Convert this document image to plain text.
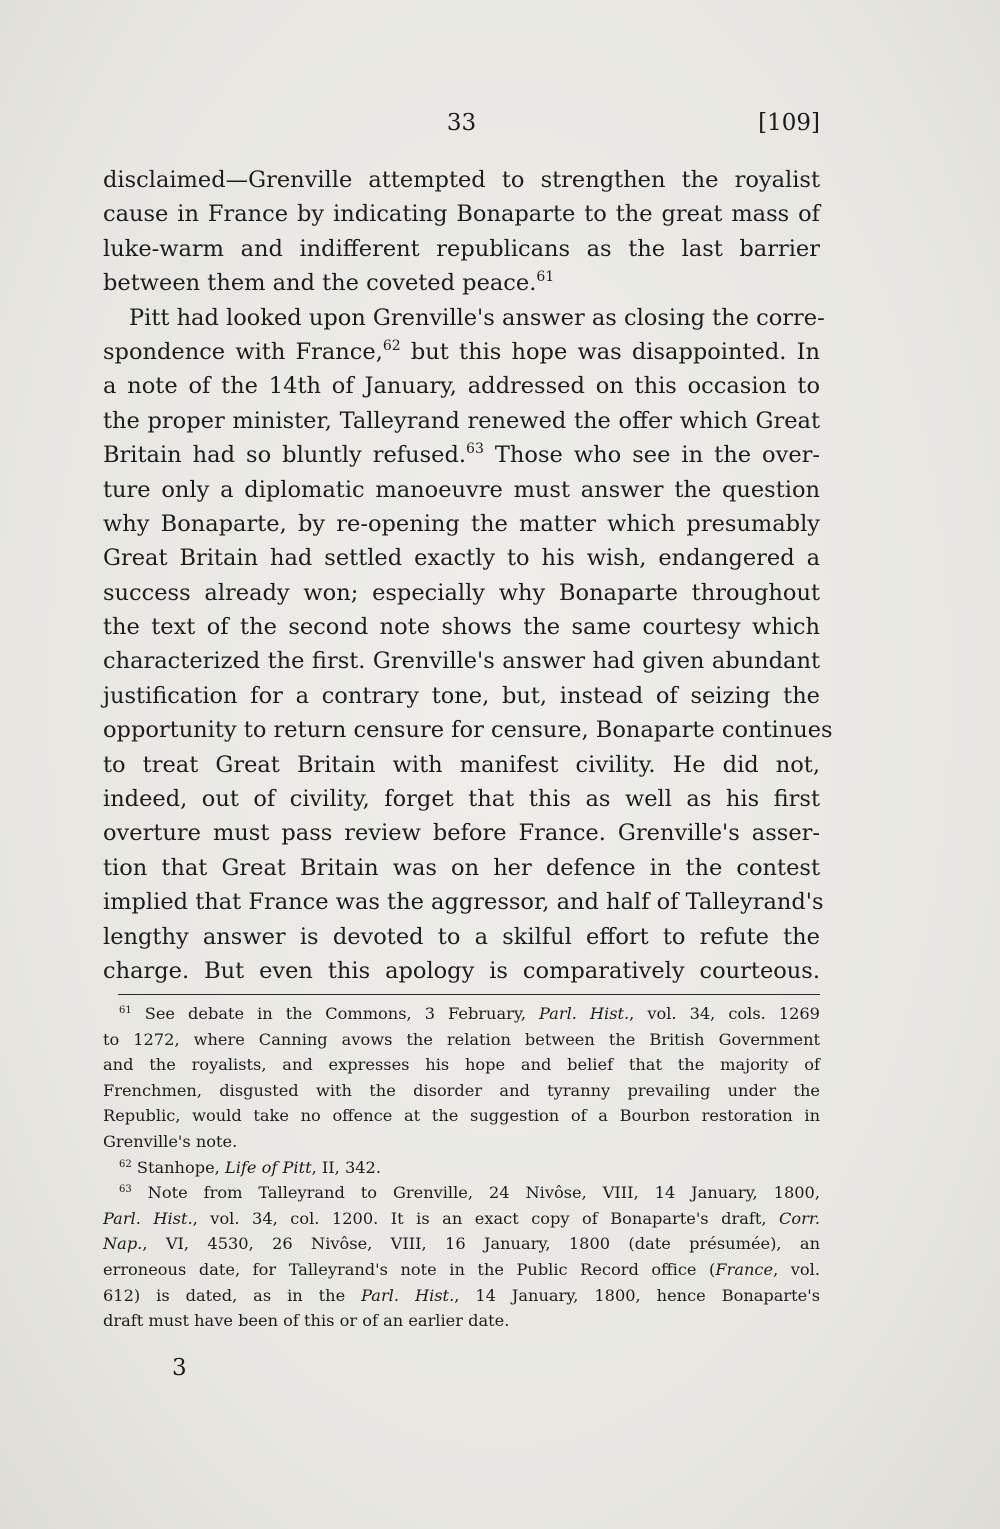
33	[109]
disclaimed—Grenville attempted to strengthen the royalist
cause in France by indicating Bonaparte to the great mass of
luke-warm and indifferent republicans as the last barrier
between them and the coveted peace.$^{61}$
Pitt had looked upon Grenville's answer as closing the corre-
spondence with France,$^{62}$ but this hope was disappointed. In
a note of the 14th of January, addressed on this occasion to
the proper minister, Talleyrand renewed the offer which Great
Britain had so bluntly refused.$^{63}$ Those who see in the over-
ture only a diplomatic manoeuvre must answer the question
why Bonaparte, by re-opening the matter which presumably
Great Britain had settled exactly to his wish, endangered a
success already won; especially why Bonaparte throughout
the text of the second note shows the same courtesy which
characterized the first. Grenville's answer had given abundant
justification for a contrary tone, but, instead of seizing the
opportunity to return censure for censure, Bonaparte continues
to treat Great Britain with manifest civility. He did not,
indeed, out of civility, forget that this as well as his first
overture must pass review before France. Grenville's asser-
tion that Great Britain was on her defence in the contest
implied that France was the aggressor, and half of Talleyrand's
lengthy answer is devoted to a skilful effort to refute the
charge. But even this apology is comparatively courteous.
$^{61}$ See debate in the Commons, 3 February, Parl. Hist., vol. 34, cols. 1269
to 1272, where Canning avows the relation between the British Government
and the royalists, and expresses his hope and belief that the majority of
Frenchmen, disgusted with the disorder and tyranny prevailing under the
Republic, would take no offence at the suggestion of a Bourbon restoration in
Grenville's note.
$^{62}$ Stanhope, Life of Pitt, II, 342.
$^{63}$ Note from Talleyrand to Grenville, 24 Nivôse, VIII, 14 January, 1800,
Parl. Hist., vol. 34, col. 1200. It is an exact copy of Bonaparte's draft, Corr.
Nap., VI, 4530, 26 Nivôse, VIII, 16 January, 1800 (date présumée), an
erroneous date, for Talleyrand's note in the Public Record office (France, vol.
612) is dated, as in the Parl. Hist., 14 January, 1800, hence Bonaparte's
draft must have been of this or of an earlier date.
3
